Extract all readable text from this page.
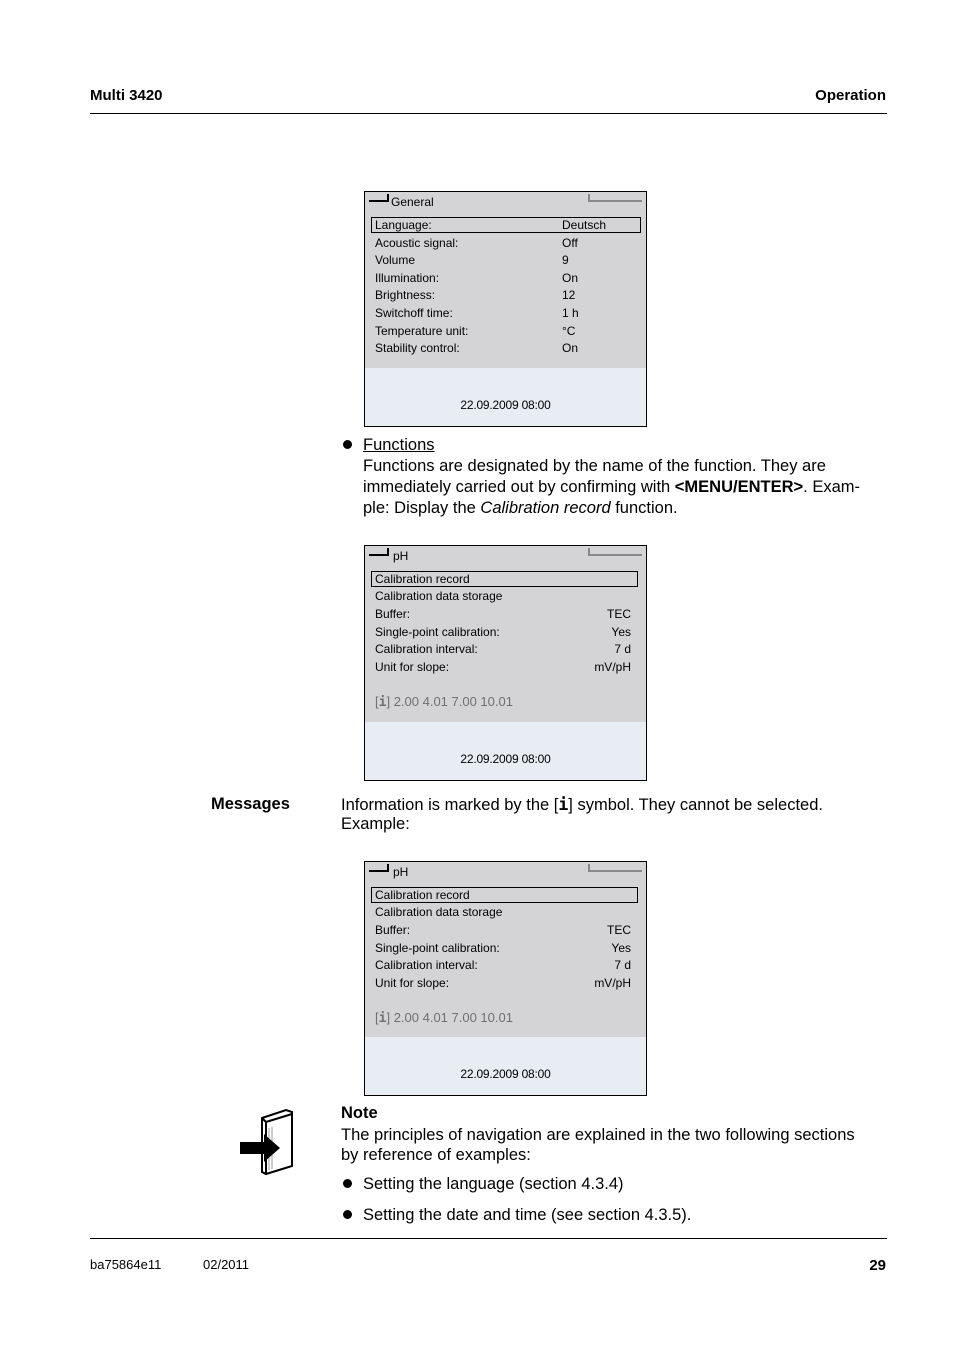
Multi 3420	Operation
General
Language:	Deutsch
Acoustic signal:	Off
Volume	9
Illumination:	On
Brightness:	12
Switchoff time:	1 h
Temperature unit:	°C
Stability control:	On
22.09.2009 08:00
Functions
Functions are designated by the name of the function. They are
immediately carried out by confirming with <MENU/ENTER>. Exam-
ple: Display the Calibration record function.
pH
Calibration record
Calibration data storage
Buffer:	TEC
Single-point calibration:	Yes
Calibration interval:	7 d
Unit for slope:	mV/pH
[i] 2.00 4.01 7.00 10.01
22.09.2009 08:00
Messages	Information is marked by the [i] symbol. They cannot be selected.
Example:
pH
Calibration record
Calibration data storage
Buffer:	TEC
Single-point calibration:	Yes
Calibration interval:	7 d
Unit for slope:	mV/pH
[i] 2.00 4.01 7.00 10.01
22.09.2009 08:00
Note
The principles of navigation are explained in the two following sections
by reference of examples:
Setting the language (section 4.3.4)
Setting the date and time (see section 4.3.5).
ba75864e11	02/2011	29
